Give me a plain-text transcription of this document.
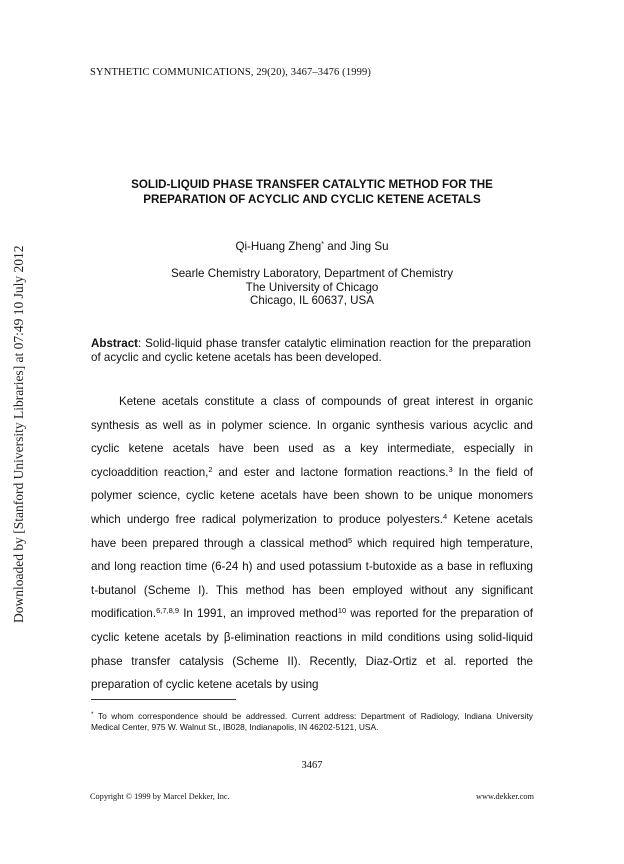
Downloaded by [Stanford University Libraries] at 07:49 10 July 2012
SYNTHETIC COMMUNICATIONS, 29(20), 3467–3476 (1999)
SOLID-LIQUID PHASE TRANSFER CATALYTIC METHOD FOR THE
PREPARATION OF ACYCLIC AND CYCLIC KETENE ACETALS
Qi-Huang Zheng* and Jing Su
Searle Chemistry Laboratory, Department of Chemistry
The University of Chicago
Chicago, IL 60637, USA
Abstract: Solid-liquid phase transfer catalytic elimination reaction for the preparation of acyclic and cyclic ketene acetals has been developed.

Ketene acetals constitute a class of compounds of great interest in organic synthesis as well as in polymer science. In organic synthesis various acyclic and cyclic ketene acetals have been used as a key intermediate, especially in cycloaddition reaction,$^2$ and ester and lactone formation reactions.$^3$ In the field of polymer science, cyclic ketene acetals have been shown to be unique monomers which undergo free radical polymerization to produce polyesters.$^4$ Ketene acetals have been prepared through a classical method$^5$ which required high temperature, and long reaction time (6-24 h) and used potassium t-butoxide as a base in refluxing t-butanol (Scheme I). This method has been employed without any significant modification.$^{6,7,8,9}$ In 1991, an improved method$^{10}$ was reported for the preparation of cyclic ketene acetals by β-elimination reactions in mild conditions using solid-liquid phase transfer catalysis (Scheme II). Recently, Diaz-Ortiz et al. reported the preparation of cyclic ketene acetals by using

* To whom correspondence should be addressed. Current address: Department of Radiology, Indiana University Medical Center, 975 W. Walnut St., IB028, Indianapolis, IN 46202-5121, USA.
3467
Copyright © 1999 by Marcel Dekker, Inc.	www.dekker.com
